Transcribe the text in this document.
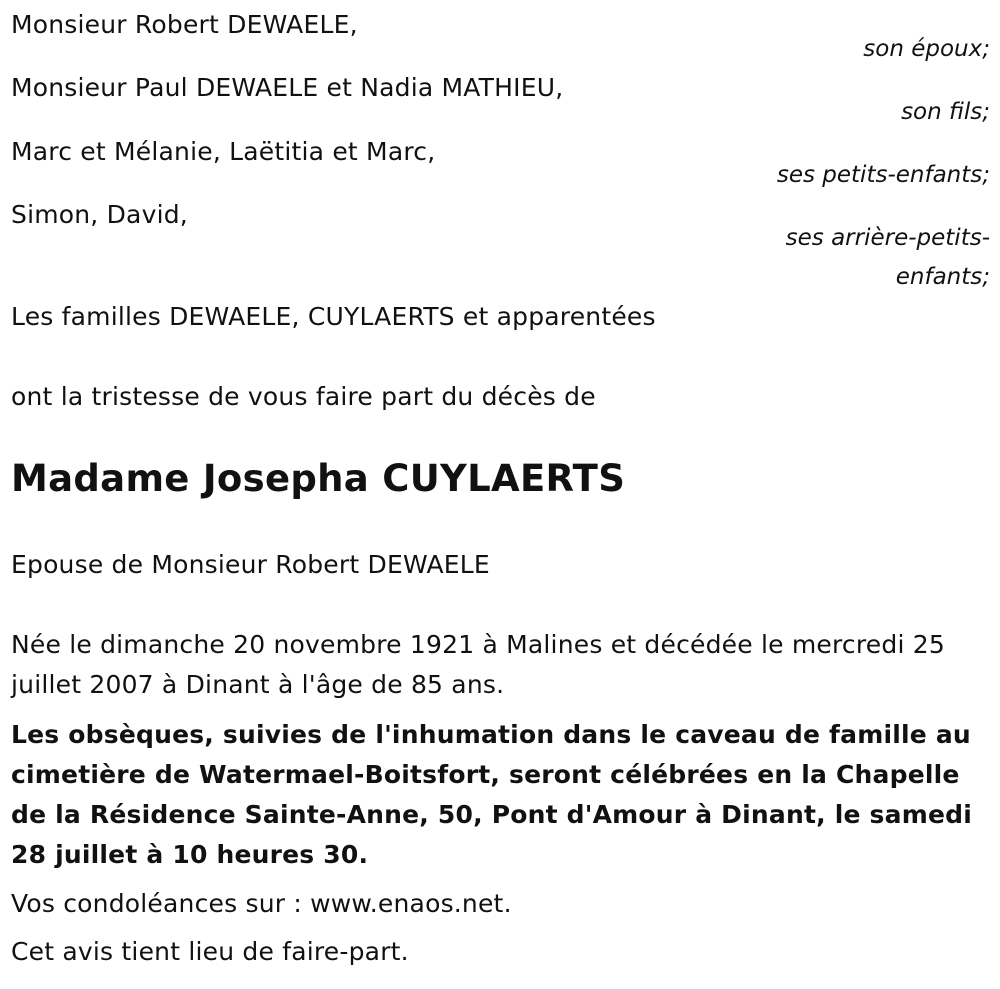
Monsieur Robert DEWAELE,
son époux;
Monsieur Paul DEWAELE et Nadia MATHIEU,
son fils;
Marc et Mélanie, Laëtitia et Marc,
ses petits-enfants;
Simon, David,
ses arrière-petits-
enfants;
Les familles DEWAELE, CUYLAERTS et apparentées
ont la tristesse de vous faire part du décès de
Madame Josepha CUYLAERTS
Epouse de Monsieur Robert DEWAELE
Née le dimanche 20 novembre 1921 à Malines et décédée le mercredi 25 juillet 2007 à Dinant à l'âge de 85 ans.
Les obsèques, suivies de l'inhumation dans le caveau de famille au cimetière de Watermael-Boitsfort, seront célébrées en la Chapelle de la Résidence Sainte-Anne, 50, Pont d'Amour à Dinant, le samedi 28 juillet à 10 heures 30.
Vos condoléances sur : www.enaos.net.
Cet avis tient lieu de faire-part.
